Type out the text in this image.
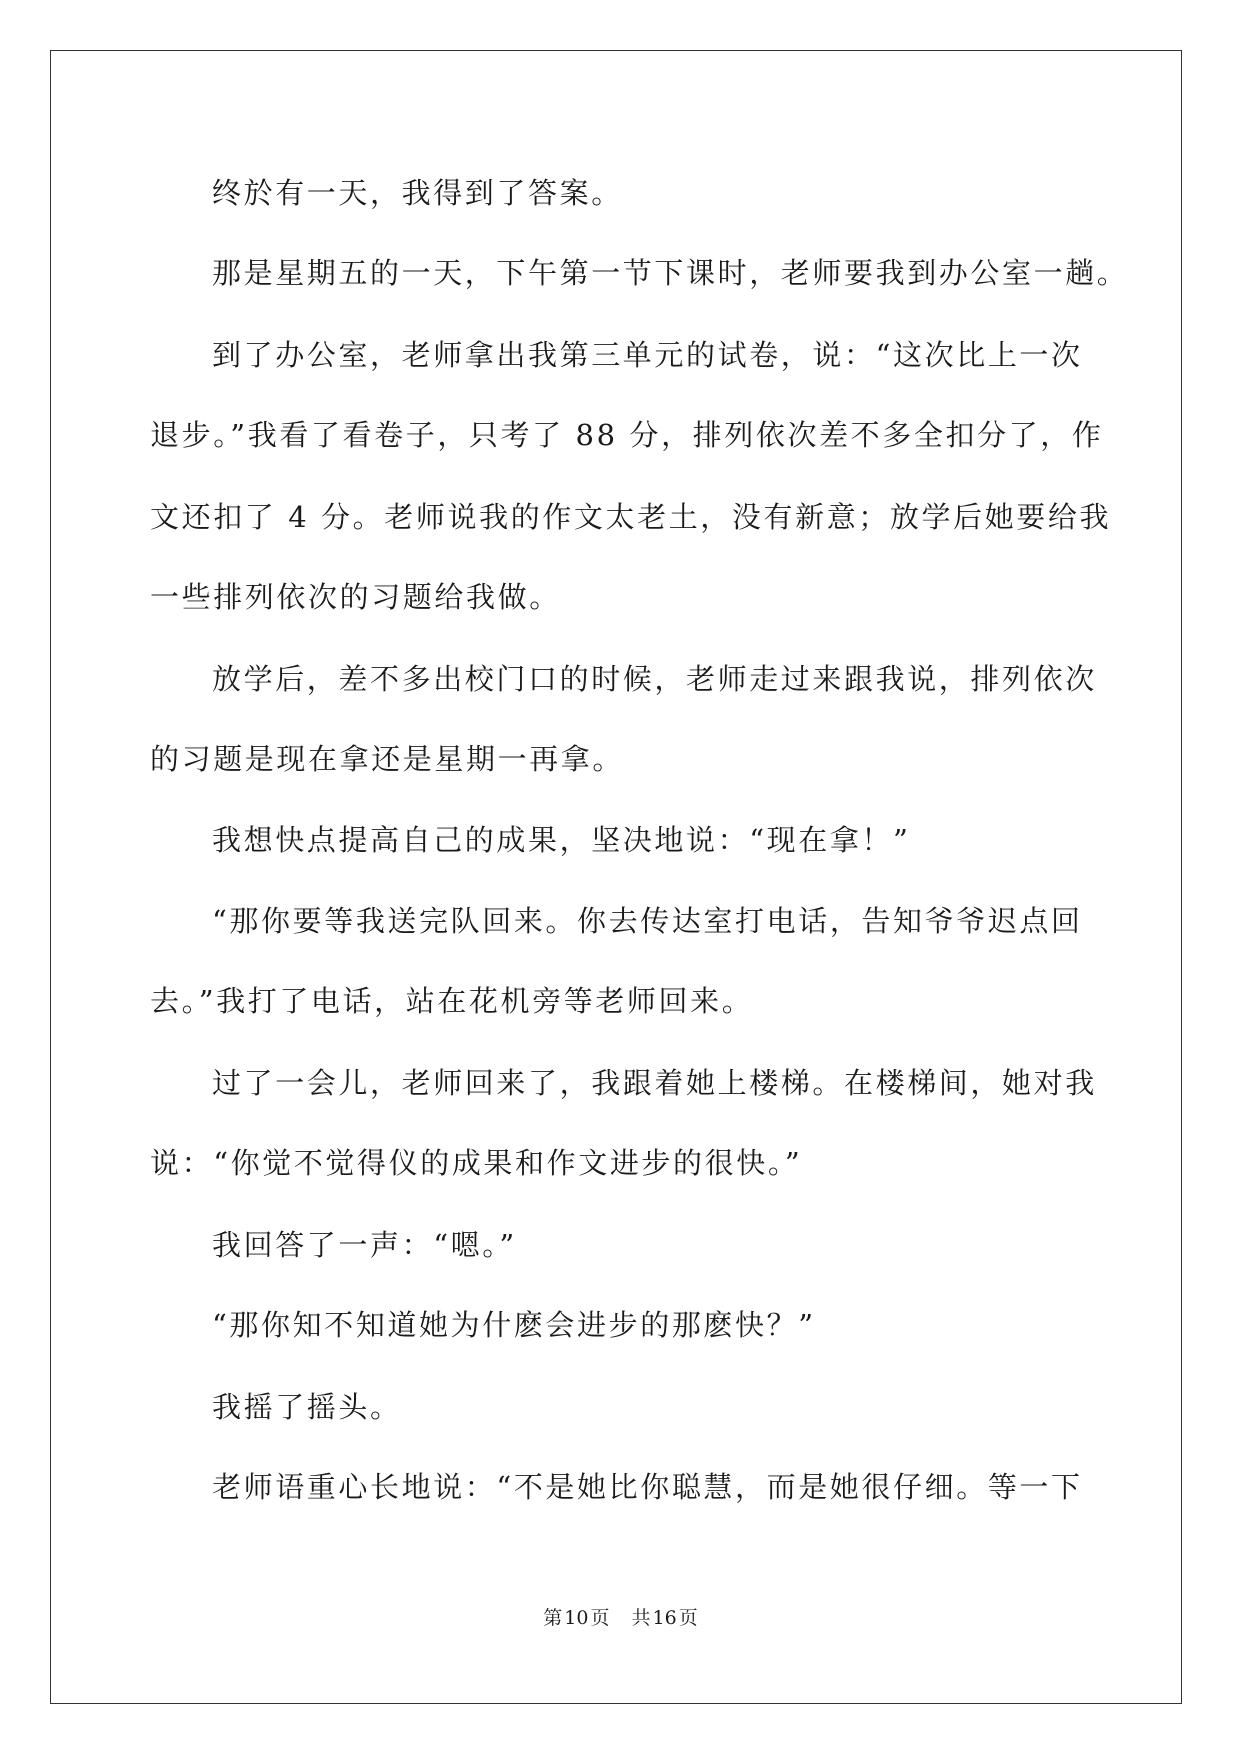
终於有一天，我得到了答案。
那是星期五的一天，下午第一节下课时，老师要我到办公室一趟。
到了办公室，老师拿出我第三单元的试卷，说：“这次比上一次
退步。”我看了看卷子，只考了 88 分，排列依次差不多全扣分了，作
文还扣了 4 分。老师说我的作文太老土，没有新意；放学后她要给我
一些排列依次的习题给我做。
放学后，差不多出校门口的时候，老师走过来跟我说，排列依次
的习题是现在拿还是星期一再拿。
我想快点提高自己的成果，坚决地说：“现在拿！”
“那你要等我送完队回来。你去传达室打电话，告知爷爷迟点回
去。”我打了电话，站在花机旁等老师回来。
过了一会儿，老师回来了，我跟着她上楼梯。在楼梯间，她对我
说：“你觉不觉得仪的成果和作文进步的很快。”
我回答了一声：“嗯。”
“那你知不知道她为什麽会进步的那麽快？”
我摇了摇头。
老师语重心长地说：“不是她比你聪慧，而是她很仔细。等一下
第 10 页 共 16 页
